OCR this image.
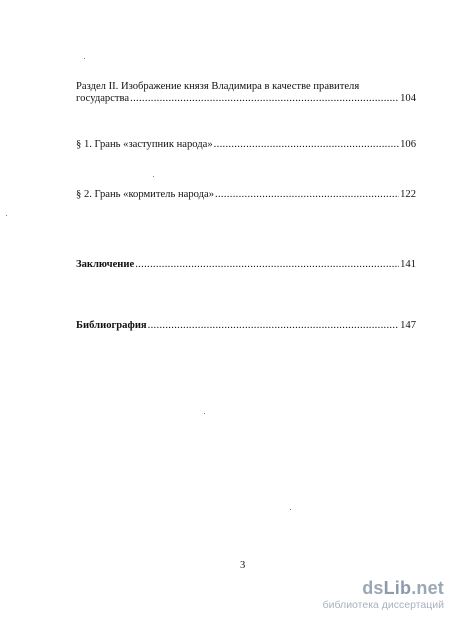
Раздел II. Изображение князя Владимира в качестве правителя
государства .....	104
§ 1. Грань «заступник народа» .....	106
§ 2. Грань «кормитель народа» .....	122
Заключение .....	141
Библиография .....	147
3
dsLib.net
библиотека диссертаций
